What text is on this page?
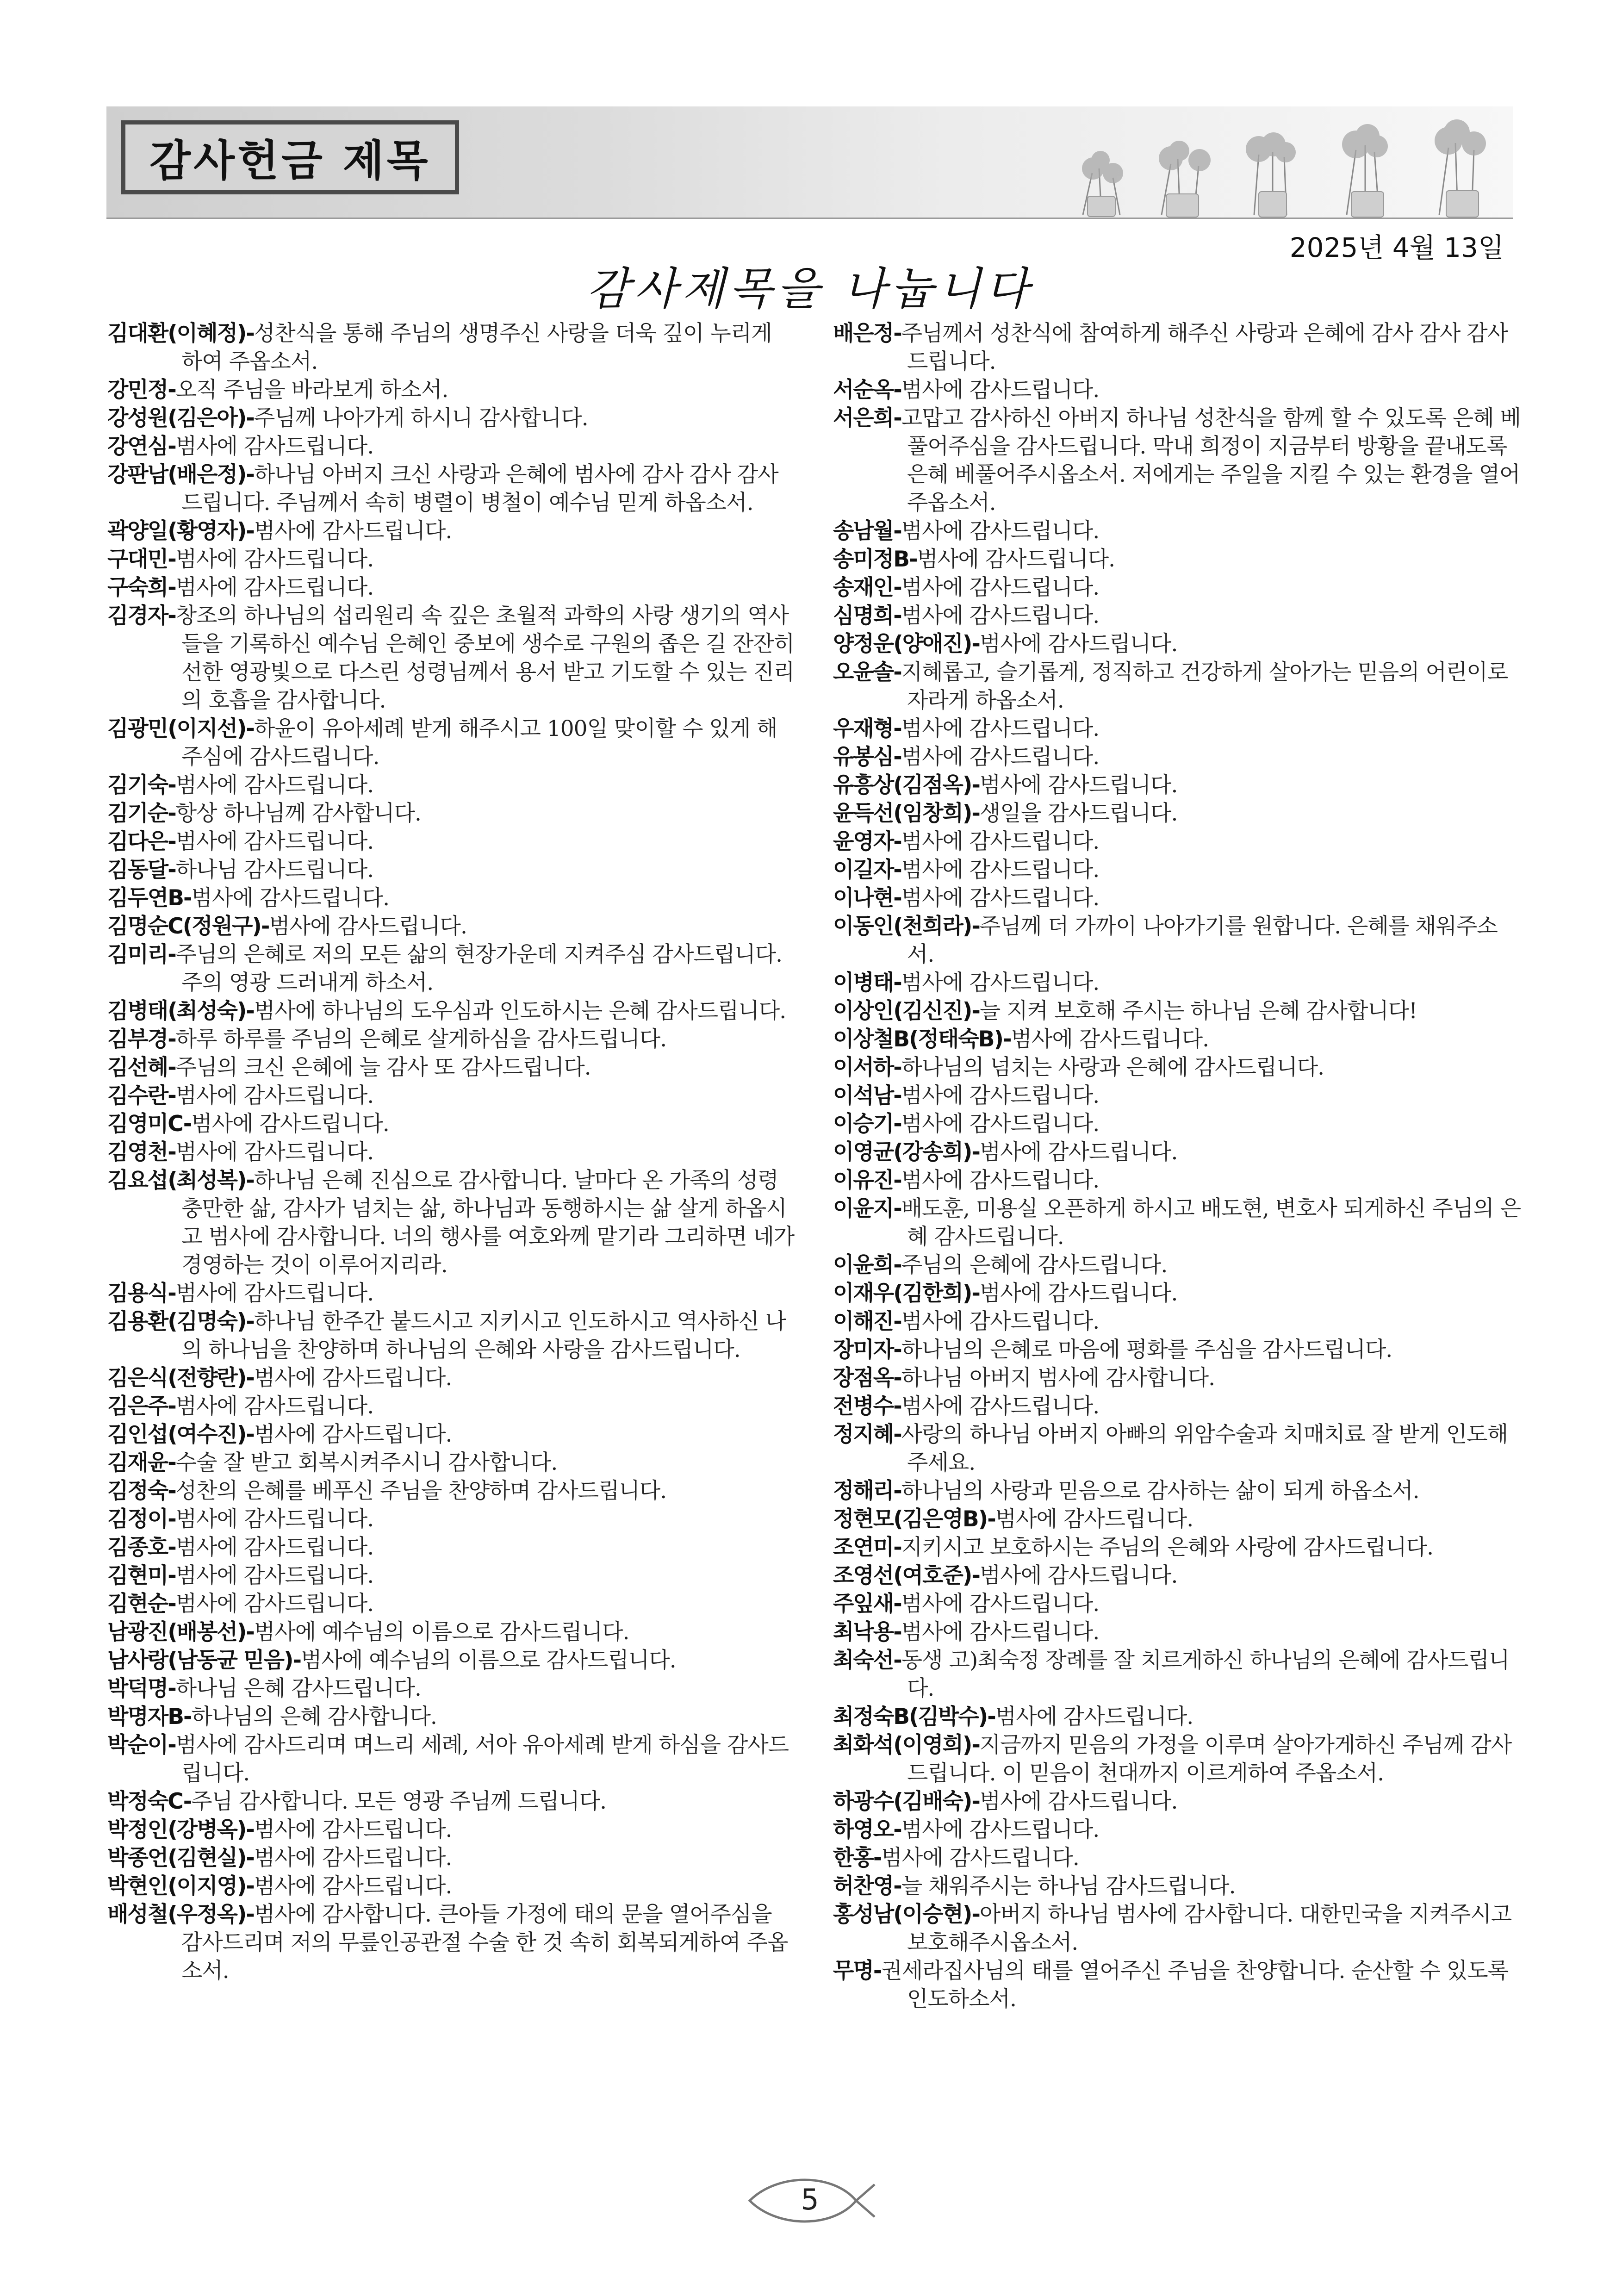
감사헌금 제목
2025년 4월 13일
감사제목을 나눕니다

김대환(이혜정)-성찬식을 통해 주님의 생명주신 사랑을 더욱 깊이 누리게 하여 주옵소서.

강민정-오직 주님을 바라보게 하소서.

강성원(김은아)-주님께 나아가게 하시니 감사합니다.

강연심-범사에 감사드립니다.

강판남(배은정)-하나님 아버지 크신 사랑과 은혜에 범사에 감사 감사 감사드립니다. 주님께서 속히 병렬이 병철이 예수님 믿게 하옵소서.

곽양일(황영자)-범사에 감사드립니다.

구대민-범사에 감사드립니다.

구숙희-범사에 감사드립니다.

김경자-창조의 하나님의 섭리원리 속 깊은 초월적 과학의 사랑 생기의 역사들을 기록하신 예수님 은혜인 중보에 생수로 구원의 좁은 길 잔잔히 선한 영광빛으로 다스린 성령님께서 용서 받고 기도할 수 있는 진리의 호흡을 감사합니다.

김광민(이지선)-하윤이 유아세례 받게 해주시고 100일 맞이할 수 있게 해주심에 감사드립니다.

김기숙-범사에 감사드립니다.

김기순-항상 하나님께 감사합니다.

김다은-범사에 감사드립니다.

김동달-하나님 감사드립니다.

김두연B-범사에 감사드립니다.

김명순C(정원구)-범사에 감사드립니다.

김미리-주님의 은혜로 저의 모든 삶의 현장가운데 지켜주심 감사드립니다. 주의 영광 드러내게 하소서.

김병태(최성숙)-범사에 하나님의 도우심과 인도하시는 은혜 감사드립니다.

김부경-하루 하루를 주님의 은혜로 살게하심을 감사드립니다.

김선혜-주님의 크신 은혜에 늘 감사 또 감사드립니다.

김수란-범사에 감사드립니다.

김영미C-범사에 감사드립니다.

김영천-범사에 감사드립니다.

김요섭(최성복)-하나님 은혜 진심으로 감사합니다. 날마다 온 가족의 성령 충만한 삶, 감사가 넘치는 삶, 하나님과 동행하시는 삶 살게 하옵시고 범사에 감사합니다. 너의 행사를 여호와께 맡기라 그리하면 네가 경영하는 것이 이루어지리라.

김용식-범사에 감사드립니다.

김용환(김명숙)-하나님 한주간 붙드시고 지키시고 인도하시고 역사하신 나의 하나님을 찬양하며 하나님의 은혜와 사랑을 감사드립니다.

김은식(전향란)-범사에 감사드립니다.

김은주-범사에 감사드립니다.

김인섭(여수진)-범사에 감사드립니다.

김재윤-수술 잘 받고 회복시켜주시니 감사합니다.

김정숙-성찬의 은혜를 베푸신 주님을 찬양하며 감사드립니다.

김정이-범사에 감사드립니다.

김종호-범사에 감사드립니다.

김현미-범사에 감사드립니다.

김현순-범사에 감사드립니다.

남광진(배봉선)-범사에 예수님의 이름으로 감사드립니다.

남사랑(남동균 믿음)-범사에 예수님의 이름으로 감사드립니다.

박덕명-하나님 은혜 감사드립니다.

박명자B-하나님의 은혜 감사합니다.

박순이-범사에 감사드리며 며느리 세례, 서아 유아세례 받게 하심을 감사드립니다.

박정숙C-주님 감사합니다. 모든 영광 주님께 드립니다.

박정인(강병옥)-범사에 감사드립니다.

박종언(김현실)-범사에 감사드립니다.

박현인(이지영)-범사에 감사드립니다.

배성철(우정옥)-범사에 감사합니다. 큰아들 가정에 태의 문을 열어주심을 감사드리며 저의 무릎인공관절 수술 한 것 속히 회복되게하여 주옵소서.

배은정-주님께서 성찬식에 참여하게 해주신 사랑과 은혜에 감사 감사 감사드립니다.

서순옥-범사에 감사드립니다.

서은희-고맙고 감사하신 아버지 하나님 성찬식을 함께 할 수 있도록 은혜 베풀어주심을 감사드립니다. 막내 희정이 지금부터 방황을 끝내도록 은혜 베풀어주시옵소서. 저에게는 주일을 지킬 수 있는 환경을 열어주옵소서.

송남월-범사에 감사드립니다.

송미정B-범사에 감사드립니다.

송재인-범사에 감사드립니다.

심명희-범사에 감사드립니다.

양정운(양애진)-범사에 감사드립니다.

오윤솔-지혜롭고, 슬기롭게, 정직하고 건강하게 살아가는 믿음의 어린이로 자라게 하옵소서.

우재형-범사에 감사드립니다.

유봉심-범사에 감사드립니다.

유흥상(김점옥)-범사에 감사드립니다.

윤득선(임창희)-생일을 감사드립니다.

윤영자-범사에 감사드립니다.

이길자-범사에 감사드립니다.

이나현-범사에 감사드립니다.

이동인(천희라)-주님께 더 가까이 나아가기를 원합니다. 은혜를 채워주소서.

이병태-범사에 감사드립니다.

이상인(김신진)-늘 지켜 보호해 주시는 하나님 은혜 감사합니다!

이상철B(정태숙B)-범사에 감사드립니다.

이서하-하나님의 넘치는 사랑과 은혜에 감사드립니다.

이석남-범사에 감사드립니다.

이승기-범사에 감사드립니다.

이영균(강송희)-범사에 감사드립니다.

이유진-범사에 감사드립니다.

이윤지-배도훈, 미용실 오픈하게 하시고 배도현, 변호사 되게하신 주님의 은혜 감사드립니다.

이윤희-주님의 은혜에 감사드립니다.

이재우(김한희)-범사에 감사드립니다.

이해진-범사에 감사드립니다.

장미자-하나님의 은혜로 마음에 평화를 주심을 감사드립니다.

장점옥-하나님 아버지 범사에 감사합니다.

전병수-범사에 감사드립니다.

정지혜-사랑의 하나님 아버지 아빠의 위암수술과 치매치료 잘 받게 인도해주세요.

정해리-하나님의 사랑과 믿음으로 감사하는 삶이 되게 하옵소서.

정현모(김은영B)-범사에 감사드립니다.

조연미-지키시고 보호하시는 주님의 은혜와 사랑에 감사드립니다.

조영선(여호준)-범사에 감사드립니다.

주잎새-범사에 감사드립니다.

최낙용-범사에 감사드립니다.

최숙선-동생 고)최숙정 장례를 잘 치르게하신 하나님의 은혜에 감사드립니다.

최정숙B(김박수)-범사에 감사드립니다.

최화석(이영희)-지금까지 믿음의 가정을 이루며 살아가게하신 주님께 감사드립니다. 이 믿음이 천대까지 이르게하여 주옵소서.

하광수(김배숙)-범사에 감사드립니다.

하영오-범사에 감사드립니다.

한홍-범사에 감사드립니다.

허찬영-늘 채워주시는 하나님 감사드립니다.

홍성남(이승현)-아버지 하나님 범사에 감사합니다. 대한민국을 지켜주시고 보호해주시옵소서.

무명-권세라집사님의 태를 열어주신 주님을 찬양합니다. 순산할 수 있도록 인도하소서.

5
